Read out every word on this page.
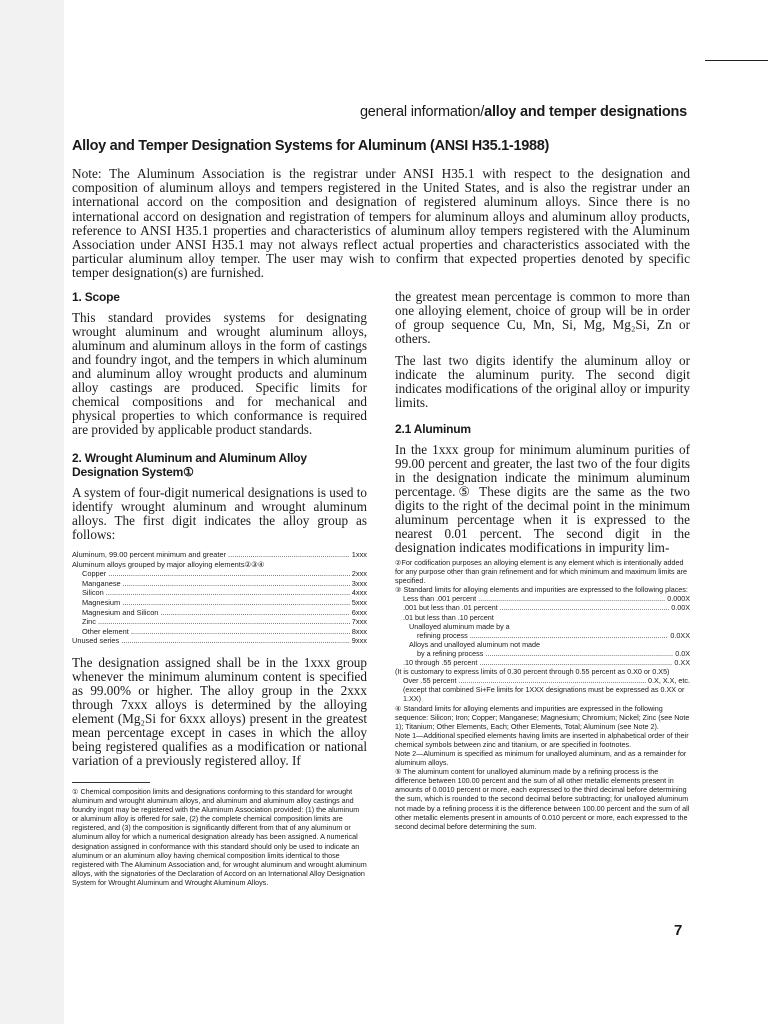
general information/alloy and temper designations
Alloy and Temper Designation Systems for Aluminum (ANSI H35.1-1988)

Note: The Aluminum Association is the registrar under ANSI H35.1 with respect to the designation and composition of aluminum alloys and tempers registered in the United States, and is also the registrar under an international accord on the composition and designation of registered aluminum alloys. Since there is no international accord on designation and registration of tempers for aluminum alloys and aluminum alloy products, reference to ANSI H35.1 properties and characteristics of aluminum alloy tempers registered with the Aluminum Association under ANSI H35.1 may not always reflect actual properties and characteristics associated with the particular aluminum alloy temper. The user may wish to confirm that expected properties denoted by specific temper designation(s) are furnished.

1. Scope

This standard provides systems for designating wrought aluminum and wrought aluminum alloys, aluminum and aluminum alloys in the form of castings and foundry ingot, and the tempers in which aluminum and aluminum alloy wrought products and aluminum alloy castings are produced. Specific limits for chemical compositions and for mechanical and physical properties to which conformance is required are provided by applicable product standards.

2. Wrought Aluminum and Aluminum Alloy Designation System①

A system of four-digit numerical designations is used to identify wrought aluminum and wrought aluminum alloys. The first digit indicates the alloy group as follows:

Aluminum, 99.00 percent minimum and greater .....	1xxx
Aluminum alloys grouped by major alloying elements②③④
Copper .....	2xxx
Manganese .....	3xxx
Silicon .....	4xxx
Magnesium .....	5xxx
Magnesium and Silicon .....	6xxx
Zinc .....	7xxx
Other element .....	8xxx
Unused series .....	9xxx

The designation assigned shall be in the 1xxx group whenever the minimum aluminum content is specified as 99.00% or higher. The alloy group in the 2xxx through 7xxx alloys is determined by the alloying element (Mg₂Si for 6xxx alloys) present in the greatest mean percentage except in cases in which the alloy being registered qualifies as a modification or national variation of a previously registered alloy. If

① Chemical composition limits and designations conforming to this standard for wrought aluminum and wrought aluminum alloys, and aluminum and aluminum alloy castings and foundry ingot may be registered with the Aluminum Association provided: (1) the aluminum or aluminum alloy is offered for sale, (2) the complete chemical composition limits are registered, and (3) the composition is significantly different from that of any aluminum or aluminum alloy for which a numerical designation already has been assigned. A numerical designation assigned in conformance with this standard should only be used to indicate an aluminum or an aluminum alloy having chemical composition limits identical to those registered with The Aluminum Association and, for wrought aluminum and wrought aluminum alloys, with the signatories of the Declaration of Accord on an International Alloy Designation System for Wrought Aluminum and Wrought Aluminum Alloys.

the greatest mean percentage is common to more than one alloying element, choice of group will be in order of group sequence Cu, Mn, Si, Mg, Mg₂Si, Zn or others.

The last two digits identify the aluminum alloy or indicate the aluminum purity. The second digit indicates modifications of the original alloy or impurity limits.

2.1 Aluminum

In the 1xxx group for minimum aluminum purities of 99.00 percent and greater, the last two of the four digits in the designation indicate the minimum aluminum percentage.⑤ These digits are the same as the two digits to the right of the decimal point in the minimum aluminum percentage when it is expressed to the nearest 0.01 percent. The second digit in the designation indicates modifications in impurity lim-

②For codification purposes an alloying element is any element which is intentionally added for any purpose other than grain refinement and for which minimum and maximum limits are specified.

③ Standard limits for alloying elements and impurities are expressed to the following places:

Less than .001 percent .....	0.000X
.001 but less than .01 percent .....	0.00X
.01 but less than .10 percent
Unalloyed aluminum made by a
refining process .....	0.0XX
Alloys and unalloyed aluminum not made
by a refining process .....	0.0X
.10 through .55 percent .....	0.XX

(It is customary to express limits of 0.30 percent through 0.55 percent as 0.X0 or 0.X5)

Over .55 percent .....	0.X, X.X, etc.

(except that combined Si+Fe limits for 1XXX designations must be expressed as 0.XX or 1.XX)

④ Standard limits for alloying elements and impurities are expressed in the following sequence: Silicon; Iron; Copper; Manganese; Magnesium; Chromium; Nickel; Zinc (see Note 1); Titanium; Other Elements, Each; Other Elements, Total; Aluminum (see Note 2).

Note 1—Additional specified elements having limits are inserted in alphabetical order of their chemical symbols between zinc and titanium, or are specified in footnotes.

Note 2—Aluminum is specified as minimum for unalloyed aluminum, and as a remainder for aluminum alloys.

⑤ The aluminum content for unalloyed aluminum made by a refining process is the difference between 100.00 percent and the sum of all other metallic elements present in amounts of 0.0010 percent or more, each expressed to the third decimal before determining the sum, which is rounded to the second decimal before subtracting; for unalloyed aluminum not made by a refining process it is the difference between 100.00 percent and the sum of all other metallic elements present in amounts of 0.010 percent or more, each expressed to the second decimal before determining the sum.

7
